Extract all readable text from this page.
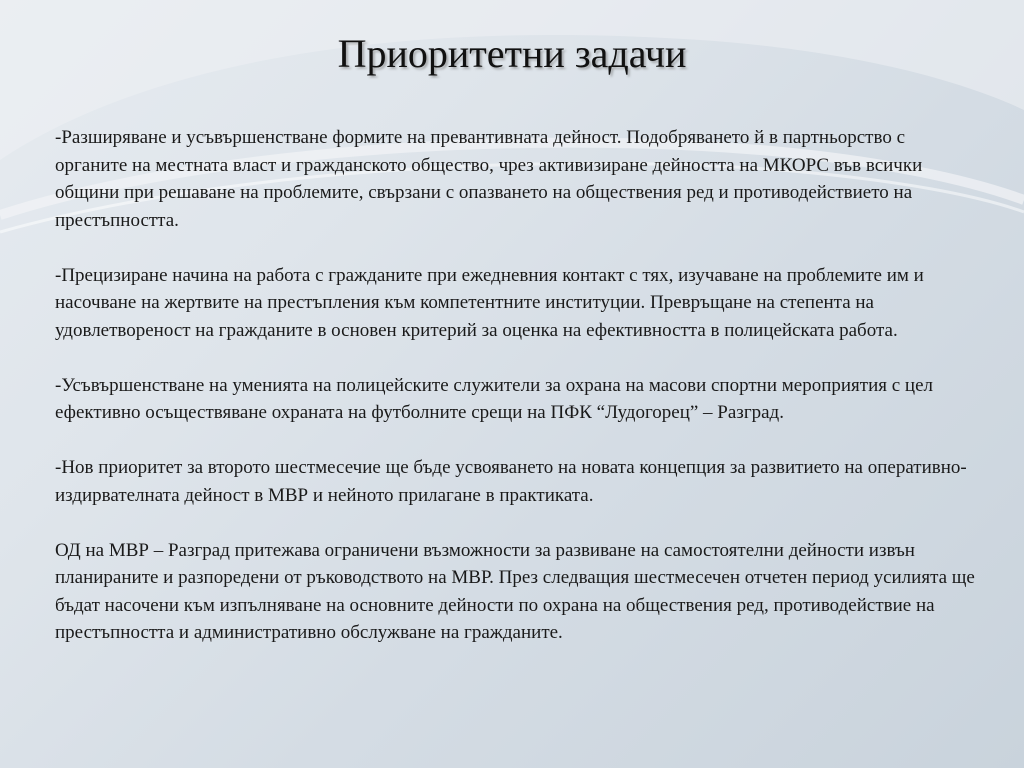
Приоритетни задачи

-Разширяване и усъвършенстване формите на превантивната дейност. Подобряването й в партньорство с органите на местната власт и гражданското общество, чрез активизиране дейността на МКОРС във всички общини при решаване на проблемите, свързани с опазването на обществения ред и противодействието на престъпността.

-Прецизиране начина на работа с гражданите при ежедневния контакт с тях, изучаване на проблемите им и насочване на жертвите на престъпления към компетентните институции. Превръщане на степента на удовлетвореност на гражданите в основен критерий за оценка на ефективността в полицейската работа.

-Усъвършенстване на уменията на полицейските служители за охрана на масови спортни мероприятия с цел ефективно осъществяване охраната на футболните срещи на ПФК “Лудогорец” – Разград.

-Нов приоритет за второто шестмесечие ще бъде усвояването на новата концепция за развитието на оперативно-издирвателната дейност в МВР и нейното прилагане в практиката.

ОД на МВР – Разград притежава ограничени възможности за развиване на самостоятелни дейности извън планираните и разпоредени от ръководството на МВР. През следващия шестмесечен отчетен период усилията ще бъдат насочени към изпълняване на основните дейности по охрана на обществения ред, противодействие на престъпността и административно обслужване на гражданите.
